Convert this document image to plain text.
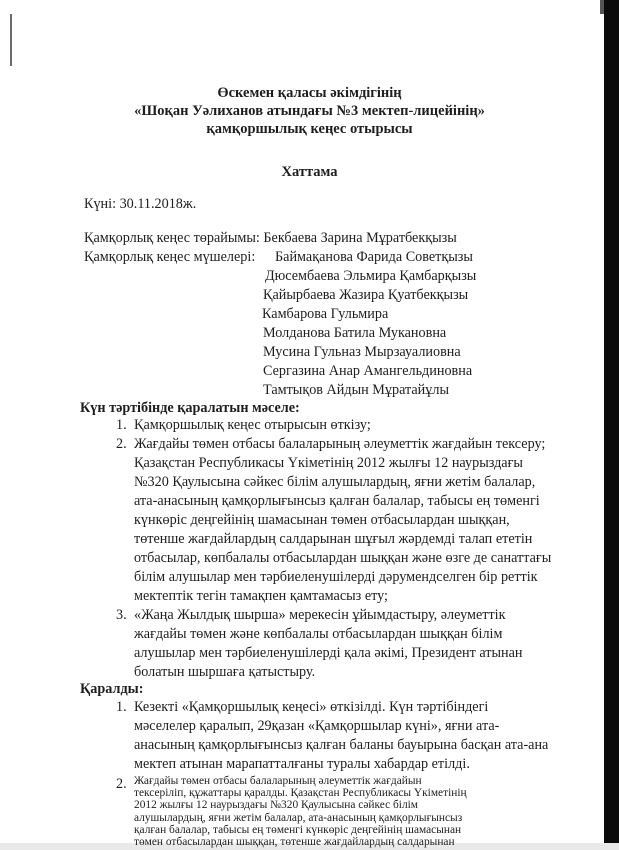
Өскемен қаласы әкімдігінің
«Шоқан Уәлиханов атындағы №3 мектеп-лицейінің»
қамқоршылық кеңес отырысы
Хаттама
Күні: 30.11.2018ж.
Қамқорлық кеңес төрайымы: Бекбаева Зарина Мұратбекқызы
Қамқорлық кеңес мүшелері: Баймақанова Фарида Советқызы
Дюсембаева Эльмира Қамбарқызы
Қайырбаева Жазира Қуатбекқызы
Камбарова Гульмира
Молданова Батила Мукановна
Мусина Гульназ Мырзауалиовна
Сергазина Анар Амангельдиновна
Тамтықов Айдын Мұратайұлы
Күн тәртібінде қаралатын мәселе:
1. Қамқоршылық кеңес отырысын өткізу;
2. Жағдайы төмен отбасы балаларының әлеуметтік жағдайын тексеру;
Қазақстан Республикасы Үкіметінің 2012 жылғы 12 наурыздағы
№320 Қаулысына сәйкес білім алушылардың, яғни жетім балалар,
ата-анасының қамқорлығынсыз қалған балалар, табысы ең төменгі
күнкөріс деңгейінің шамасынан төмен отбасылардан шыққан,
төтенше жағдайлардың салдарынан шұғыл жәрдемді талап ететін
отбасылар, көпбалалы отбасылардан шыққан және өзге де санаттағы
білім алушылар мен тәрбиеленушілерді дәрумендселген бір реттік
мектептік тегін тамақпен қамтамасыз ету;
3. «Жаңа Жылдық шырша» мерекесін ұйымдастыру, әлеуметтік
жағдайы төмен және көпбалалы отбасылардан шыққан білім
алушылар мен тәрбиеленушілерді қала әкімі, Президент атынан
болатын шыршаға қатыстыру.
Қаралды:
1. Кезекті «Қамқоршылық кеңесі» өткізілді. Күн тәртібіндегі
мәселелер қаралып, 29қазан «Қамқоршылар күні», яғни ата-
анасының қамқорлығынсыз қалған баланы бауырына басқан ата-ана
мектеп атынан марапатталғаны туралы хабардар етілді.
2. Жағдайы төмен отбасы балаларының әлеуметтік жағдайын
тексеріліп, құжаттары қаралды. Қазақстан Республикасы Үкіметінің
2012 жылғы 12 наурыздағы №320 Қаулысына сәйкес білім
алушылардың, яғни жетім балалар, ата-анасының қамқорлығынсыз
қалған балалар, табысы ең төменгі күнкөріс деңгейінің шамасынан
төмен отбасылардан шыққан, төтенше жағдайлардың салдарынан
